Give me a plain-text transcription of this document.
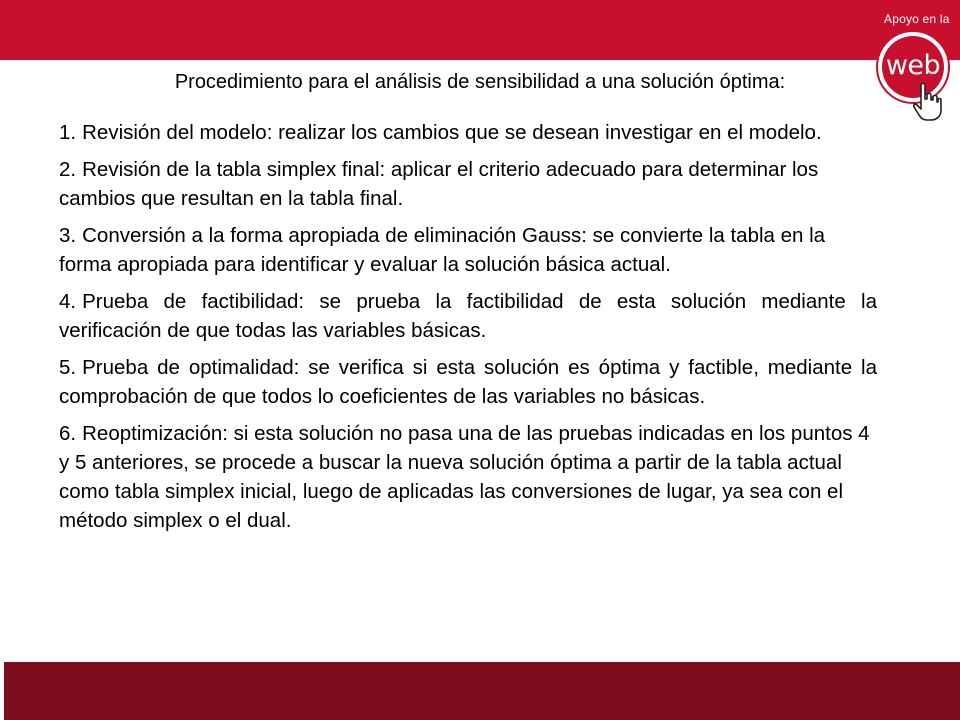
Apoyo en la
web
Procedimiento para el análisis de sensibilidad a una solución óptima:

1. Revisión del modelo: realizar los cambios que se desean investigar en el modelo.

2. Revisión de la tabla simplex final: aplicar el criterio adecuado para determinar los cambios que resultan en la tabla final.

3. Conversión a la forma apropiada de eliminación Gauss: se convierte la tabla en la forma apropiada para identificar y evaluar la solución básica actual.

4. Prueba de factibilidad: se prueba la factibilidad de esta solución mediante la verificación de que todas las variables básicas.

5. Prueba de optimalidad: se verifica si esta solución es óptima y factible, mediante la comprobación de que todos lo coeficientes de las variables no básicas.

6. Reoptimización: si esta solución no pasa una de las pruebas indicadas en los puntos 4 y 5 anteriores, se procede a buscar la nueva solución óptima a partir de la tabla actual como tabla simplex inicial, luego de aplicadas las conversiones de lugar, ya sea con el método simplex o el dual.
